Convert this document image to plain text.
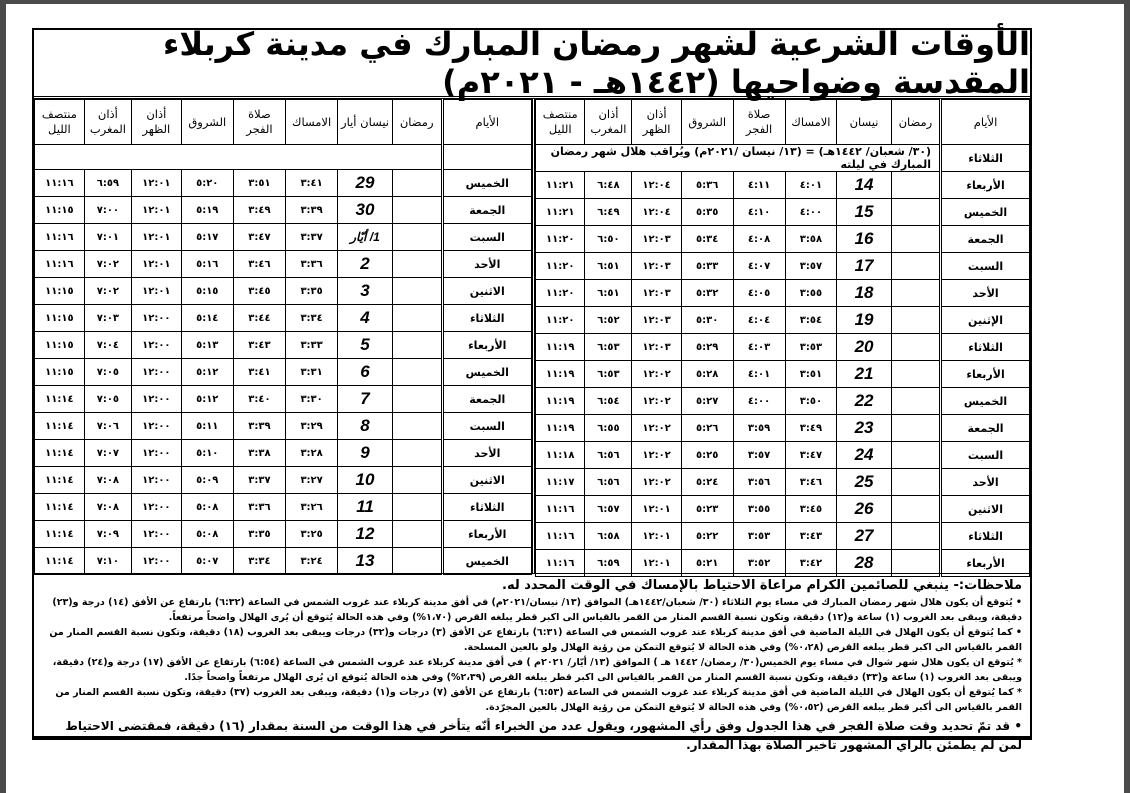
الأوقات الشرعية لشهر رمضان المبارك في مدينة كربلاء المقدسة وضواحيها (١٤٤٢هـ - ٢٠٢١م)
الأيام	رمضان	نيسان	الامساك	صلاة الفجر	الشروق	أذان الظهر	أذان المغرب	منتصف الليل
الثلاثاء	(٣٠/ شعبان/ ١٤٤٢هـ) = (١٣/ نيسان /٢٠٢١م) ويُراقب هلال شهر رمضان المبارك في ليلته							
الأربعاء		14	٤:٠١	٤:١١	٥:٣٦	١٢:٠٤	٦:٤٨	١١:٢١
الخميس		15	٤:٠٠	٤:١٠	٥:٣٥	١٢:٠٤	٦:٤٩	١١:٢١
الجمعة		16	٣:٥٨	٤:٠٨	٥:٣٤	١٢:٠٣	٦:٥٠	١١:٢٠
السبت		17	٣:٥٧	٤:٠٧	٥:٣٣	١٢:٠٣	٦:٥١	١١:٢٠
الأحد		18	٣:٥٥	٤:٠٥	٥:٣٢	١٢:٠٣	٦:٥١	١١:٢٠
الإثنين		19	٣:٥٤	٤:٠٤	٥:٣٠	١٢:٠٣	٦:٥٢	١١:٢٠
الثلاثاء		20	٣:٥٣	٤:٠٣	٥:٢٩	١٢:٠٣	٦:٥٣	١١:١٩
الأربعاء		21	٣:٥١	٤:٠١	٥:٢٨	١٢:٠٢	٦:٥٣	١١:١٩
الخميس		22	٣:٥٠	٤:٠٠	٥:٢٧	١٢:٠٢	٦:٥٤	١١:١٩
الجمعة		23	٣:٤٩	٣:٥٩	٥:٢٦	١٢:٠٢	٦:٥٥	١١:١٩
السبت		24	٣:٤٧	٣:٥٧	٥:٢٥	١٢:٠٢	٦:٥٦	١١:١٨
الأحد		25	٣:٤٦	٣:٥٦	٥:٢٤	١٢:٠٢	٦:٥٦	١١:١٧
الاثنين		26	٣:٤٥	٣:٥٥	٥:٢٣	١٢:٠١	٦:٥٧	١١:١٦
الثلاثاء		27	٣:٤٣	٣:٥٣	٥:٢٢	١٢:٠١	٦:٥٨	١١:١٦
الأربعاء		28	٣:٤٢	٣:٥٢	٥:٢١	١٢:٠١	٦:٥٩	١١:١٦
الأيام	رمضان	نيسان أيار	الامساك	صلاة الفجر	الشروق	أذان الظهر	أذان المغرب	منتصف الليل

الخميس		29	٣:٤١	٣:٥١	٥:٢٠	١٢:٠١	٦:٥٩	١١:١٦
الجمعة		30	٣:٣٩	٣:٤٩	٥:١٩	١٢:٠١	٧:٠٠	١١:١٥
السبت		1/ أيّار	٣:٣٧	٣:٤٧	٥:١٧	١٢:٠١	٧:٠١	١١:١٦
الأحد		2	٣:٣٦	٣:٤٦	٥:١٦	١٢:٠١	٧:٠٢	١١:١٦
الاثنين		3	٣:٣٥	٣:٤٥	٥:١٥	١٢:٠١	٧:٠٢	١١:١٥
الثلاثاء		4	٣:٣٤	٣:٤٤	٥:١٤	١٢:٠٠	٧:٠٣	١١:١٥
الأربعاء		5	٣:٣٣	٣:٤٣	٥:١٣	١٢:٠٠	٧:٠٤	١١:١٥
الخميس		6	٣:٣١	٣:٤١	٥:١٢	١٢:٠٠	٧:٠٥	١١:١٥
الجمعة		7	٣:٣٠	٣:٤٠	٥:١٢	١٢:٠٠	٧:٠٥	١١:١٤
السبت		8	٣:٢٩	٣:٣٩	٥:١١	١٢:٠٠	٧:٠٦	١١:١٤
الأحد		9	٣:٢٨	٣:٣٨	٥:١٠	١٢:٠٠	٧:٠٧	١١:١٤
الاثنين		10	٣:٢٧	٣:٣٧	٥:٠٩	١٢:٠٠	٧:٠٨	١١:١٤
الثلاثاء		11	٣:٢٦	٣:٣٦	٥:٠٨	١٢:٠٠	٧:٠٨	١١:١٤
الأربعاء		12	٣:٢٥	٣:٣٥	٥:٠٨	١٢:٠٠	٧:٠٩	١١:١٤
الخميس		13	٣:٢٤	٣:٣٤	٥:٠٧	١٢:٠٠	٧:١٠	١١:١٤
ملاحظات:- ينبغي للصائمين الكرام مراعاة الاحتياط بالإمساك في الوقت المحدد له.

• يُتوقع أن يكون هلال شهر رمضان المبارك في مساء يوم الثلاثاء (٣٠/ شعبان/١٤٤٢هـ) الموافق (١٣/ نيسان/٢٠٢١م) في أفق مدينة كربلاء عند غروب الشمس في الساعة (٦:٣٢) بارتفاع عن الأفق (١٤) درجة و(٢٣) دقيقة، ويبقى بعد الغروب (١) ساعة و(١٢) دقيقة، وتكون نسبة القسم المنار من القمر بالقياس الى اكبر قطر يبلغه القرص (١،٧٠%) وفي هذه الحالة يُتوقع أن يُرى الهلال واضحاً مرتفعاً.

• كما يُتوقع أن يكون الهلال في الليلة الماضية في أفق مدينة كربلاء عند غروب الشمس في الساعة (٦:٣١) بارتفاع عن الأفق (٣) درجات و(٣٢) درجات ويبقى بعد الغروب (١٨) دقيقة، وتكون نسبة القسم المنار من القمر بالقياس الى اكبر قطر يبلغه القرص (٠،٢٨%) وفي هذه الحالة لا يُتوقع التمكن من رؤية الهلال ولو بالعين المسلحة.

* يُتوقع ان يكون هلال شهر شوال في مساء يوم الخميس(٣٠/ رمضان/ ١٤٤٢ هـ ) الموافق (١٣/ أيّار/ ٢٠٢١م ) في أفق مدينة كربلاء عند غروب الشمس في الساعة (٦:٥٤) بارتفاع عن الأفق (١٧) درجة و(٢٤) دقيقة، ويبقى بعد الغروب (١) ساعة و(٣٣) دقيقة، وتكون نسبة القسم المنار من القمر بالقياس الى اكبر قطر يبلغه القرص (٢،٣٩%) وفي هذه الحالة يُتوقع ان يُرى الهلال مرتفعاً واضحاً جدًا.

* كما يُتوقع أن يكون الهلال في الليلة الماضية في أفق مدينة كربلاء عند غروب الشمس في الساعة (٦:٥٣) بارتفاع عن الأفق (٧) درجات و(١) دقيقة، ويبقى بعد الغروب (٣٧) دقيقة، وتكون نسبة القسم المنار من القمر بالقياس الى أكبر قطر يبلغه القرص (٠،٥٢%) وفي هذه الحالة لا يُتوقع التمكن من رؤية الهلال بالعين المجرّدة.

• قد تمّ تحديد وقت صلاة الفجر في هذا الجدول وفق رأي المشهور، ويقول عدد من الخبراء أنّه يتأخر في هذا الوقت من السنة بمقدار (١٦) دقيقة، فمقتضى الاحتياط لمن لم يطمئن بالرأي المشهور تأخير الصلاة بهذا المقدار.
